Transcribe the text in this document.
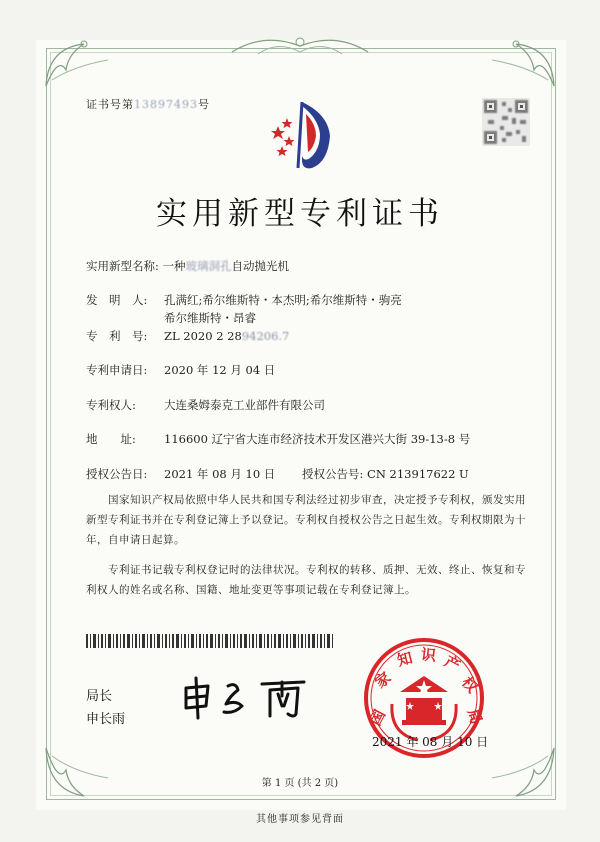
证书号第13897493号
实用新型专利证书
实用新型名称: 一种玻璃洞孔自动抛光机
发　明　人: 孔满红;希尔维斯特・本杰明;希尔维斯特・驹亮
希尔维斯特・昂睿
专　利　号: ZL 2020 2 2894206.7
专利申请日: 2020 年 12 月 04 日
专利权人: 大连桑姆泰克工业部件有限公司
地　　址: 116600 辽宁省大连市经济技术开发区港兴大街 39-13-8 号
授权公告日: 2021 年 08 月 10 日 授权公告号: CN 213917622 U
国家知识产权局依照中华人民共和国专利法经过初步审查，决定授予专利权，颁发实用新型专利证书并在专利登记簿上予以登记。专利权自授权公告之日起生效。专利权期限为十年，自申请日起算。
专利证书记载专利权登记时的法律状况。专利权的转移、质押、无效、终止、恢复和专利权人的姓名或名称、国籍、地址变更等事项记载在专利登记簿上。
局长
申长雨	国
家
知 识 产
权
局
2021 年 08 月 10 日
第 1 页 (共 2 页)
其他事项参见背面
